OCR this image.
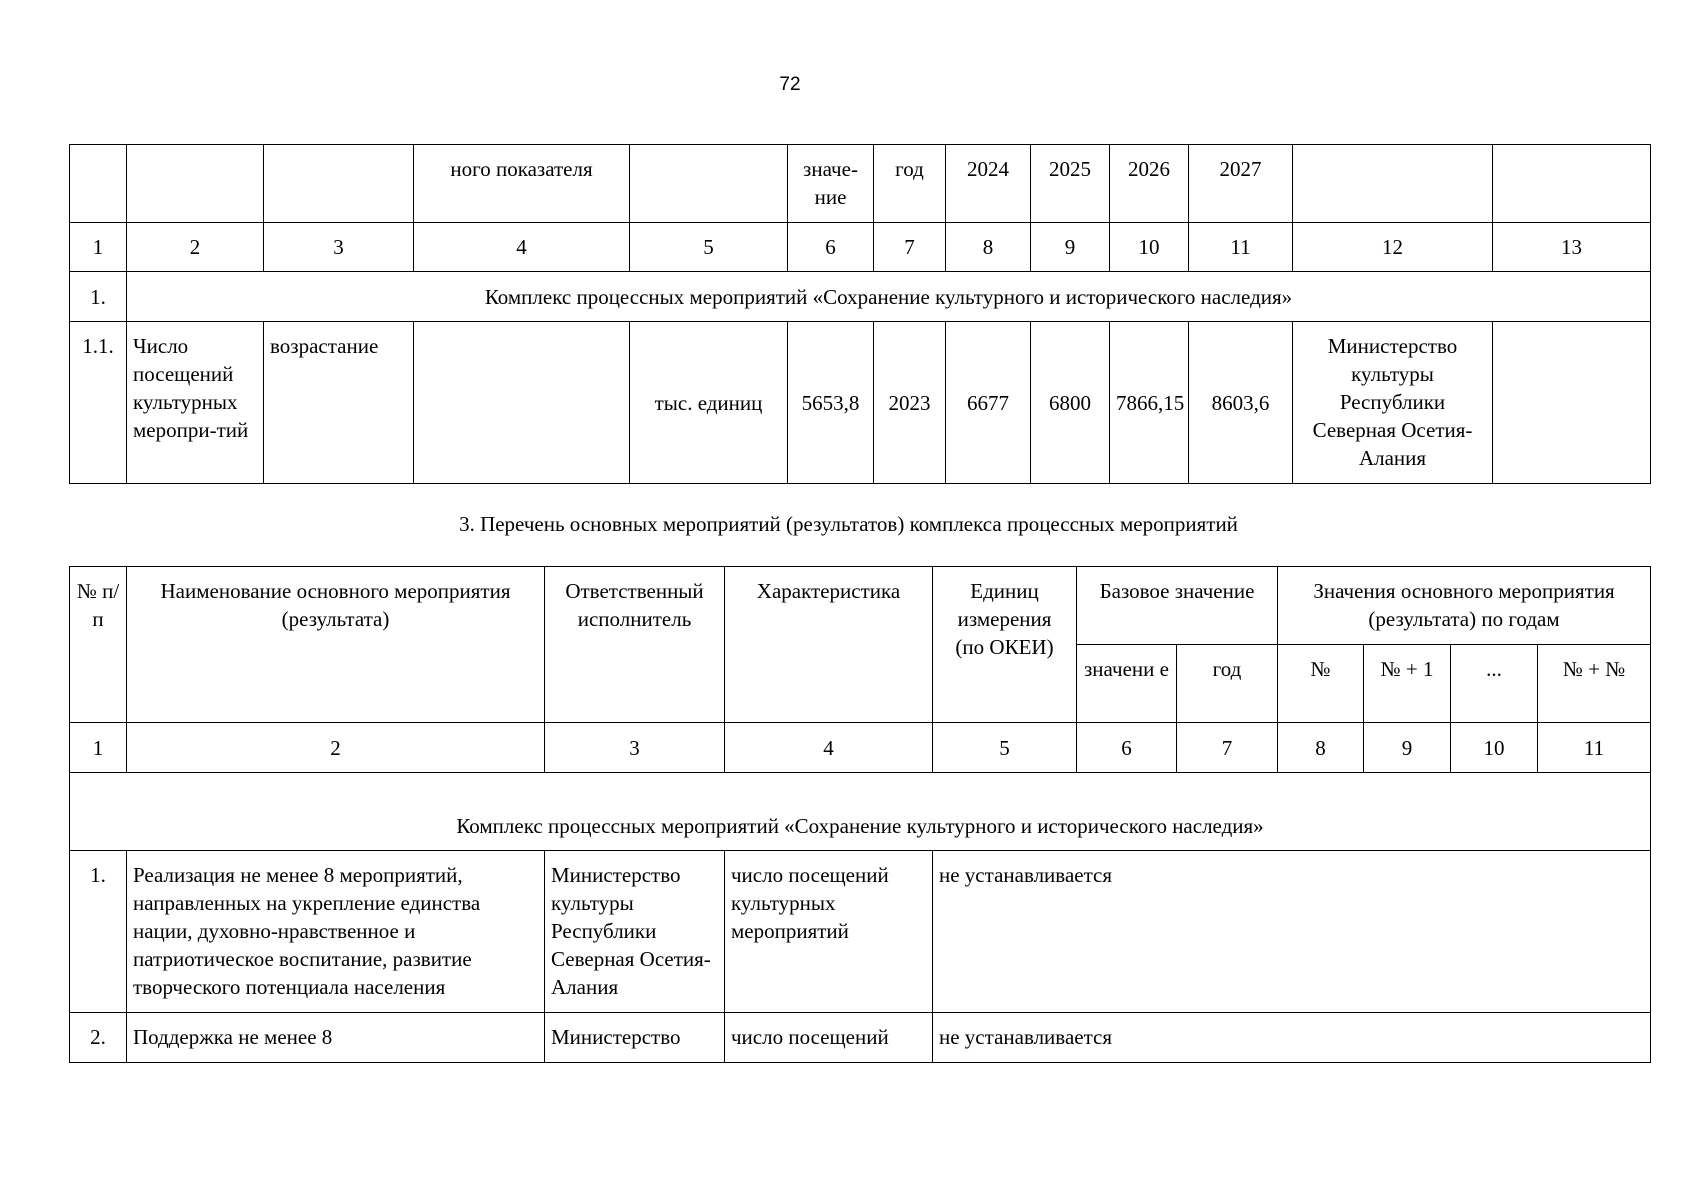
72
			ного показателя		значе-ние	год	2024	2025	2026	2027		
1	2	3	4	5	6	7	8	9	10	11	12	13
1.	Комплекс процессных мероприятий «Сохранение культурного и исторического наследия»											
1.1.	Число посещений культурных меропри-тий	возрастание		тыс. единиц	5653,8	2023	6677	6800	7866,15	8603,6	Министерство культуры Республики Северная Осетия-Алания	
3. Перечень основных мероприятий (результатов) комплекса процессных мероприятий
№ п/п	Наименование основного мероприятия (результата)	Ответственный исполнитель	Характеристика	Единиц измерения (по ОКЕИ)	Базовое значение		Значения основного мероприятия (результата) по годам			
					значени е	год	№	№ + 1	...	№ + №
1	2	3	4	5	6	7	8	9	10	11
Комплекс процессных мероприятий «Сохранение культурного и исторического наследия»										
1.	Реализация не менее 8 мероприятий, направленных на укрепление единства нации, духовно-нравственное и патриотическое воспитание, развитие творческого потенциала населения	Министерство культуры Республики Северная Осетия-Алания	число посещений культурных мероприятий	не устанавливается						
2.	Поддержка не менее 8	Министерство	число посещений	не устанавливается						
